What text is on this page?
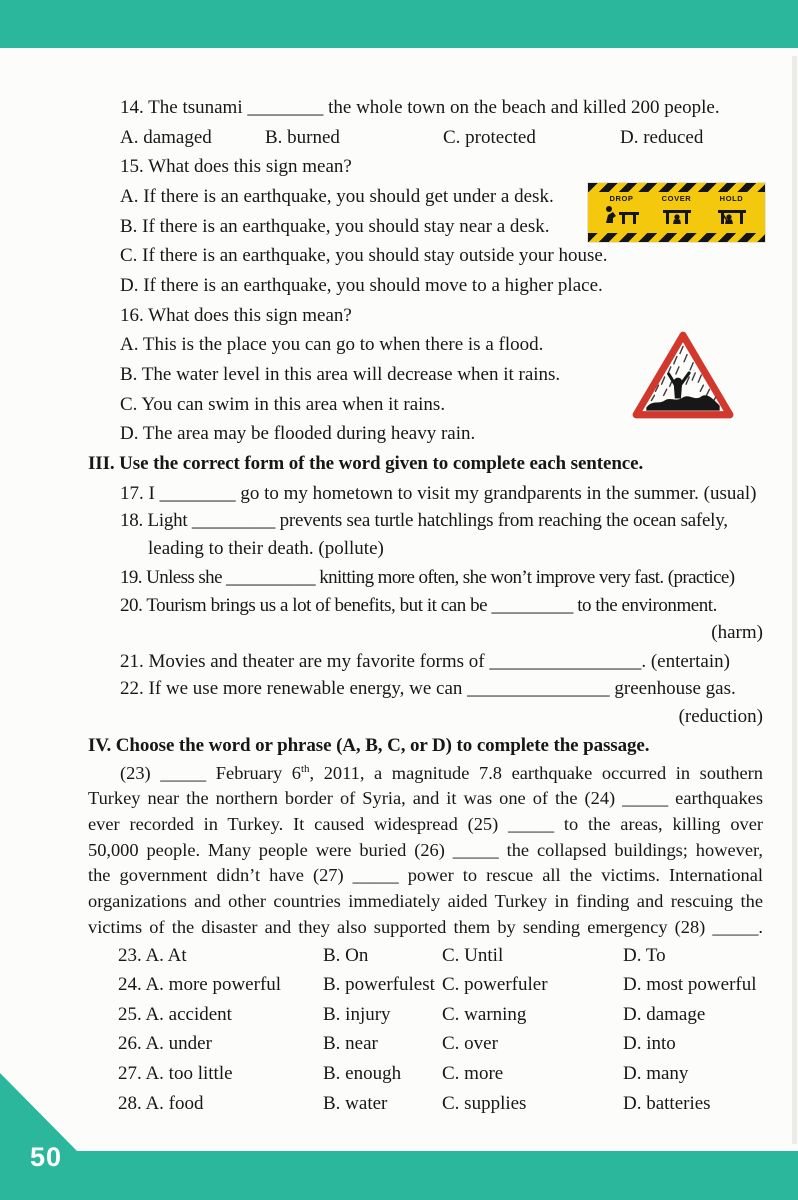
14. The tsunami ________ the whole town on the beach and killed 200 people.
A. damaged	B. burned	C. protected	D. reduced
15. What does this sign mean?
A. If there is an earthquake, you should get under a desk.
B. If there is an earthquake, you should stay near a desk.
C. If there is an earthquake, you should stay outside your house.
D. If there is an earthquake, you should move to a higher place.
16. What does this sign mean?
A. This is the place you can go to when there is a flood.
B. The water level in this area will decrease when it rains.
C. You can swim in this area when it rains.
D. The area may be flooded during heavy rain.
III. Use the correct form of the word given to complete each sentence.
17. I ________ go to my hometown to visit my grandparents in the summer. (usual)
18. Light _________ prevents sea turtle hatchlings from reaching the ocean safely,
leading to their death. (pollute)
19. Unless she __________ knitting more often, she won’t improve very fast. (practice)
20. Tourism brings us a lot of benefits, but it can be _________ to the environment.
(harm)
21. Movies and theater are my favorite forms of ________________. (entertain)
22. If we use more renewable energy, we can _______________ greenhouse gas.
(reduction)
IV. Choose the word or phrase (A, B, C, or D) to complete the passage.
(23) _____ February 6th, 2011, a magnitude 7.8 earthquake occurred in southern
Turkey near the northern border of Syria, and it was one of the (24) _____ earthquakes
ever recorded in Turkey. It caused widespread (25) _____ to the areas, killing over
50,000 people. Many people were buried (26) _____ the collapsed buildings; however,
the government didn’t have (27) _____ power to rescue all the victims. International
organizations and other countries immediately aided Turkey in finding and rescuing the
victims of the disaster and they also supported them by sending emergency (28) _____.
23. A. At	B. On	C. Until	D. To
24. A. more powerful	B. powerfulest C. powerfuler	D. most powerful
25. A. accident	B. injury	C. warning	D. damage
26. A. under	B. near	C. over	D. into
27. A. too little	B. enough	C. more	D. many
28. A. food	B. water	C. supplies	D. batteries
DROP	COVER	HOLD
50
